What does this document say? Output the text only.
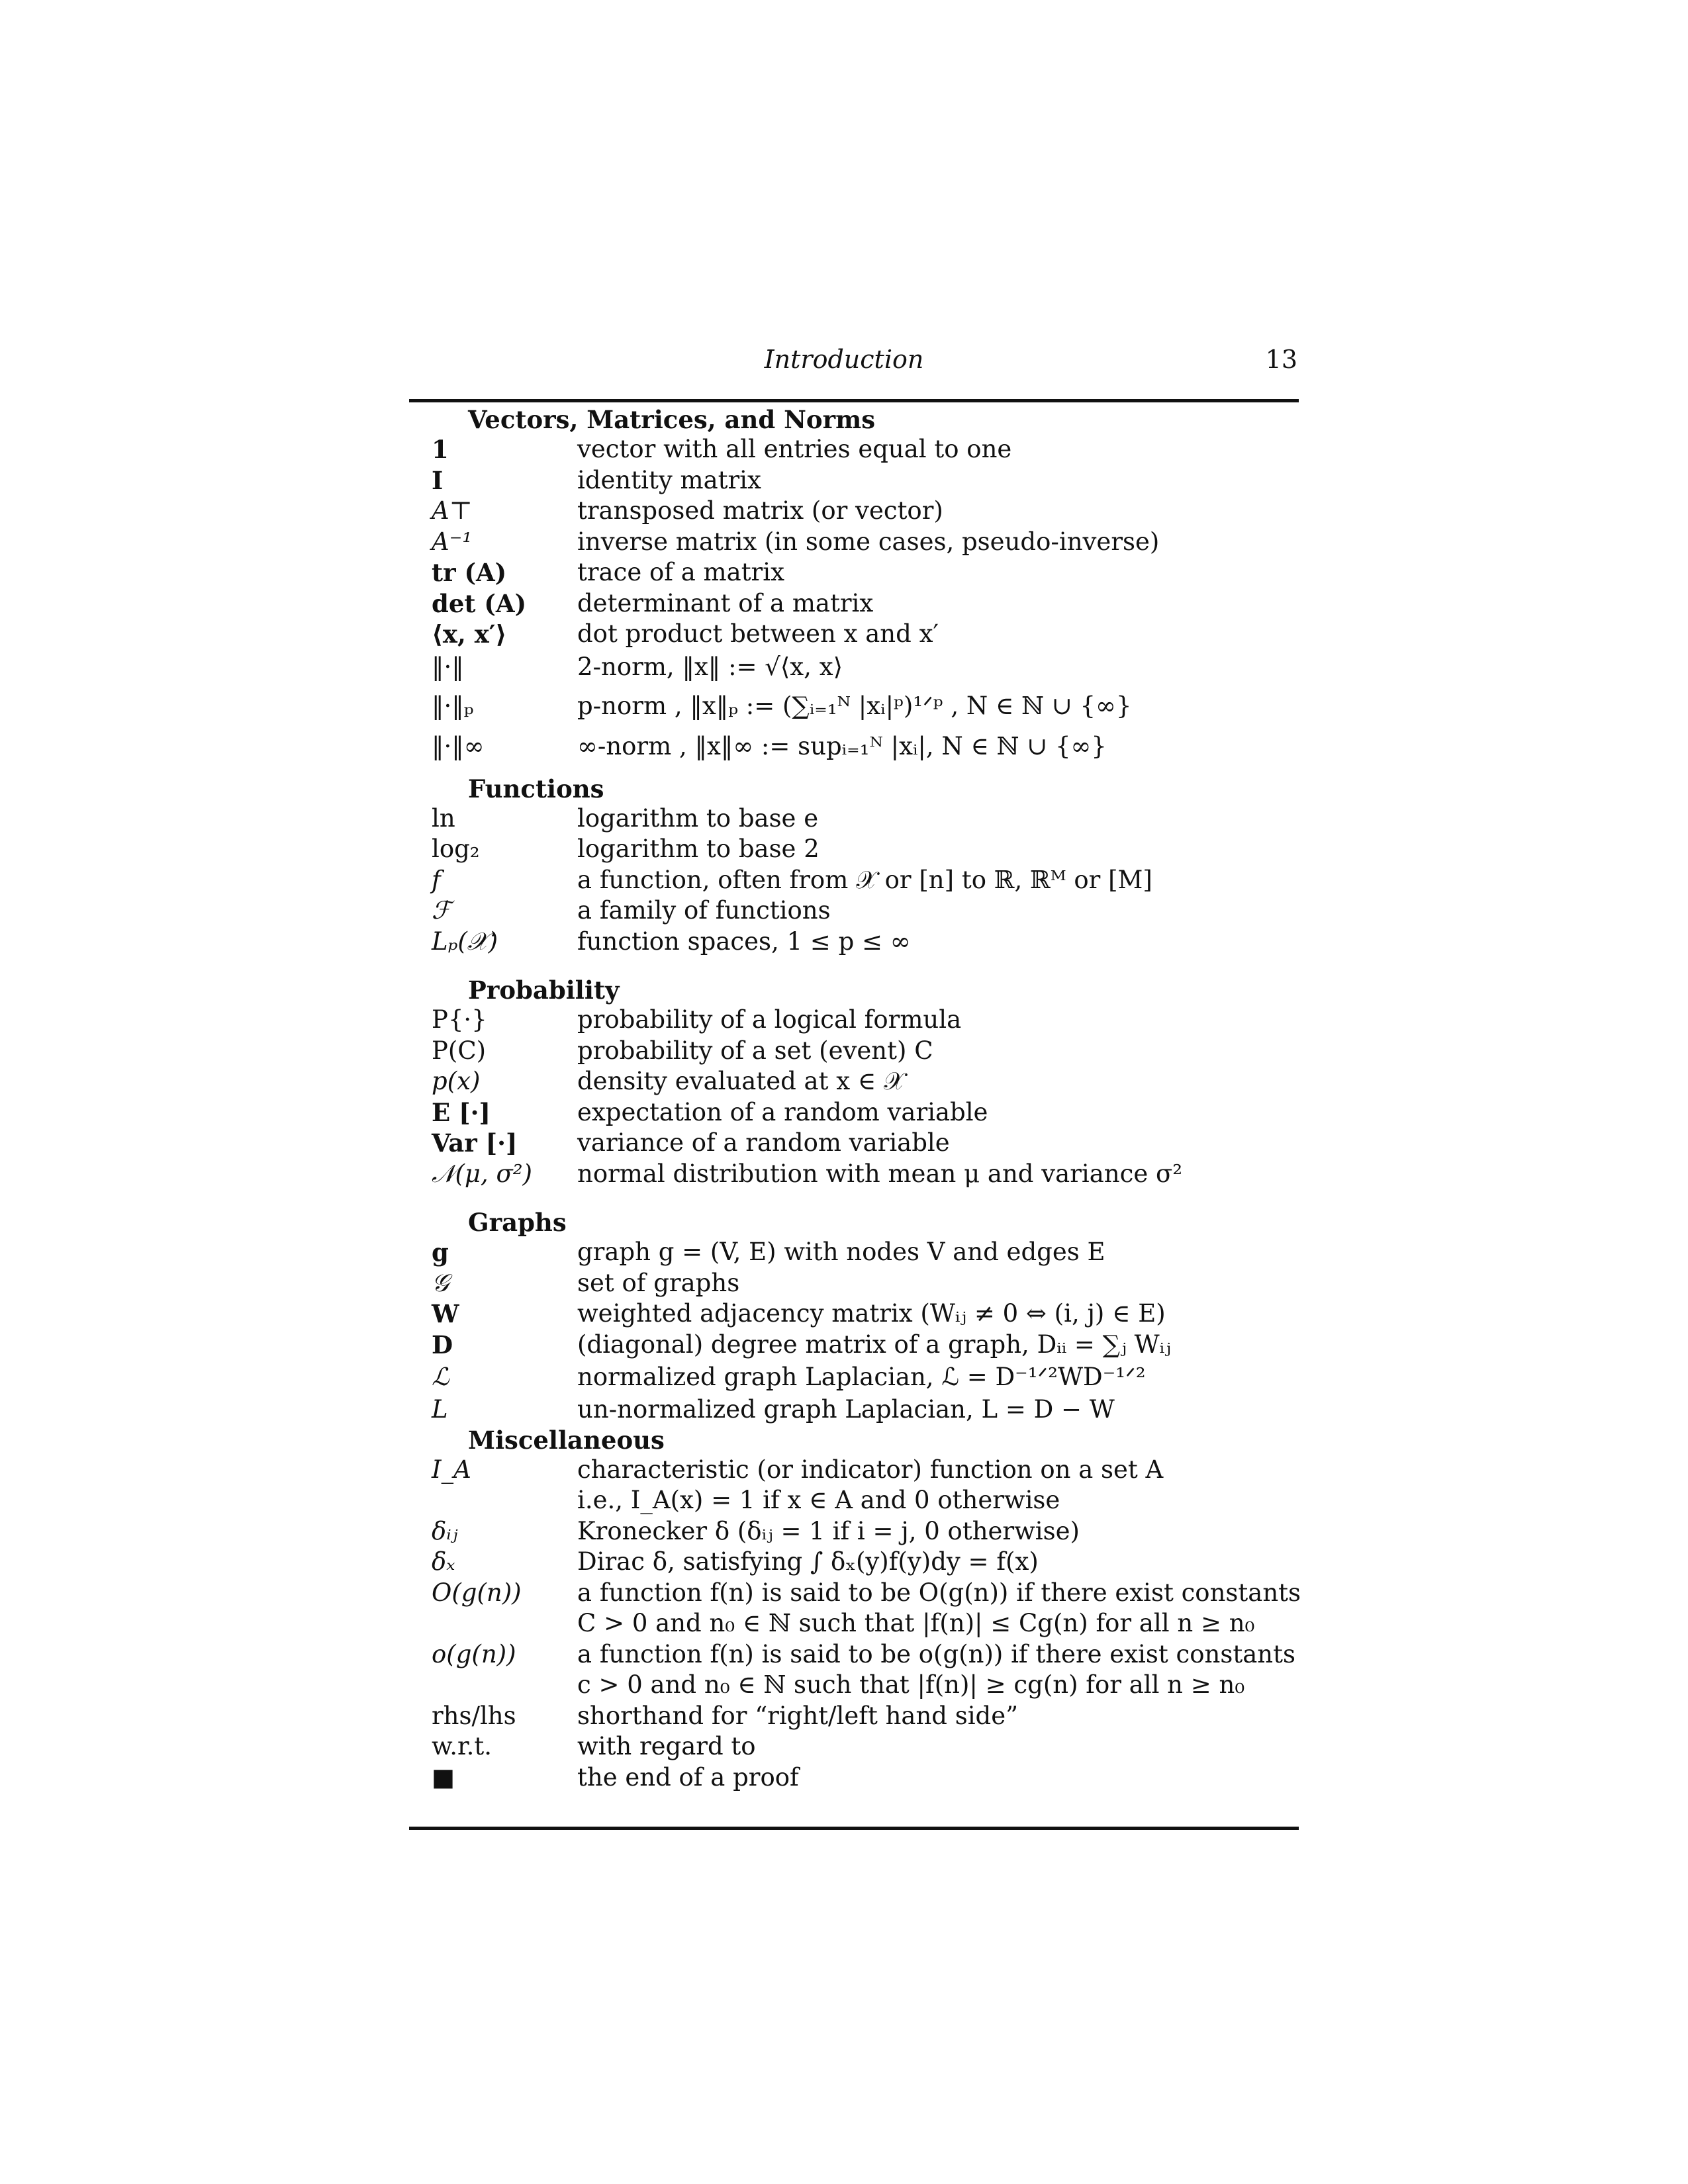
Introduction	13
Vectors, Matrices, and Norms
1	vector with all entries equal to one
I	identity matrix
A⊤	transposed matrix (or vector)
A⁻¹	inverse matrix (in some cases, pseudo-inverse)
tr (A)	trace of a matrix
det (A)	determinant of a matrix
⟨x, x′⟩	dot product between x and x′
‖·‖	2-norm, ‖x‖ := √⟨x, x⟩
‖·‖ₚ	p-norm , ‖x‖ₚ := (∑ᵢ₌₁ᴺ |xᵢ|ᵖ)¹ᐟᵖ , N ∈ ℕ ∪ {∞}
‖·‖∞	∞-norm , ‖x‖∞ := supᵢ₌₁ᴺ |xᵢ|, N ∈ ℕ ∪ {∞}
Functions
ln	logarithm to base e
log₂	logarithm to base 2
f	a function, often from 𝒳 or [n] to ℝ, ℝᴹ or [M]
ℱ	a family of functions
Lₚ(𝒳)	function spaces, 1 ≤ p ≤ ∞
Probability
P{·}	probability of a logical formula
P(C)	probability of a set (event) C
p(x)	density evaluated at x ∈ 𝒳
E [·]	expectation of a random variable
Var [·]	variance of a random variable
𝒩(μ, σ²)	normal distribution with mean μ and variance σ²
Graphs
g	graph g = (V, E) with nodes V and edges E
𝒢	set of graphs
W	weighted adjacency matrix (Wᵢⱼ ≠ 0 ⇔ (i, j) ∈ E)
D	(diagonal) degree matrix of a graph, Dᵢᵢ = ∑ⱼ Wᵢⱼ
ℒ	normalized graph Laplacian, ℒ = D⁻¹ᐟ²WD⁻¹ᐟ²
L	un-normalized graph Laplacian, L = D − W
Miscellaneous
I_A	characteristic (or indicator) function on a set A
i.e., I_A(x) = 1 if x ∈ A and 0 otherwise
δᵢⱼ	Kronecker δ (δᵢⱼ = 1 if i = j, 0 otherwise)
δₓ	Dirac δ, satisfying ∫ δₓ(y)f(y)dy = f(x)
O(g(n))	a function f(n) is said to be O(g(n)) if there exist constants
C > 0 and n₀ ∈ ℕ such that |f(n)| ≤ Cg(n) for all n ≥ n₀
o(g(n))	a function f(n) is said to be o(g(n)) if there exist constants
c > 0 and n₀ ∈ ℕ such that |f(n)| ≥ cg(n) for all n ≥ n₀
rhs/lhs	shorthand for “right/left hand side”
w.r.t.	with regard to
■	the end of a proof
